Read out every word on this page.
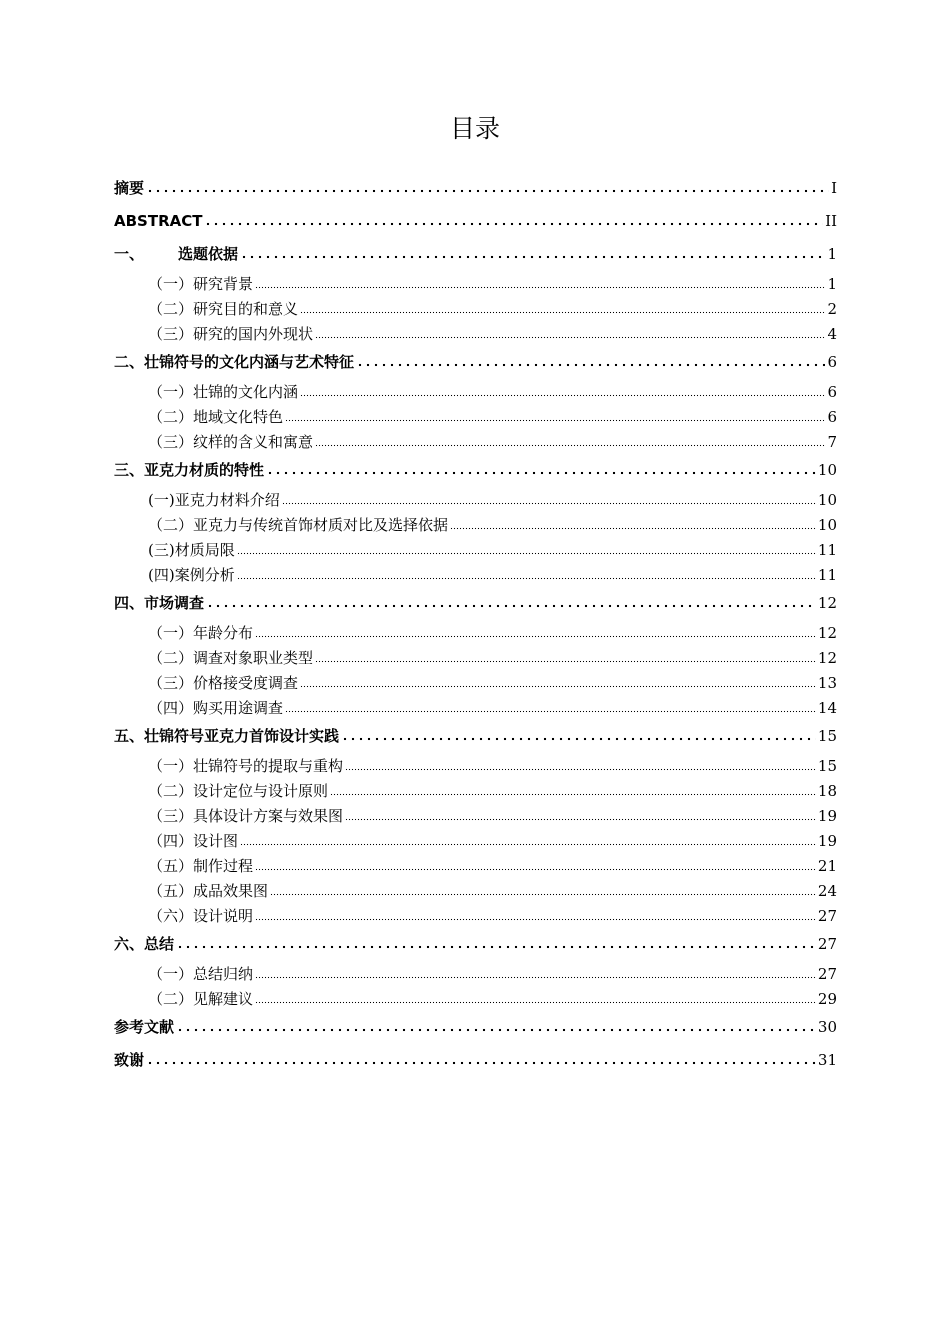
目录
摘要	I
ABSTRACT	II
一、 选题依据	1
（一）研究背景	1
（二）研究目的和意义	2
（三）研究的国内外现状	4
二、壮锦符号的文化内涵与艺术特征	6
（一）壮锦的文化内涵	6
（二）地域文化特色	6
（三）纹样的含义和寓意	7
三、亚克力材质的特性	10
(一)亚克力材料介绍	10
（二）亚克力与传统首饰材质对比及选择依据	10
(三)材质局限	11
(四)案例分析	11
四、市场调查	12
（一）年龄分布	12
（二）调查对象职业类型	12
（三）价格接受度调查	13
（四）购买用途调查	14
五、壮锦符号亚克力首饰设计实践	15
（一）壮锦符号的提取与重构	15
（二）设计定位与设计原则	18
（三）具体设计方案与效果图	19
（四）设计图	19
（五）制作过程	21
（五）成品效果图	24
（六）设计说明	27
六、总结	27
（一）总结归纳	27
（二）见解建议	29
参考文献	30
致谢	31
